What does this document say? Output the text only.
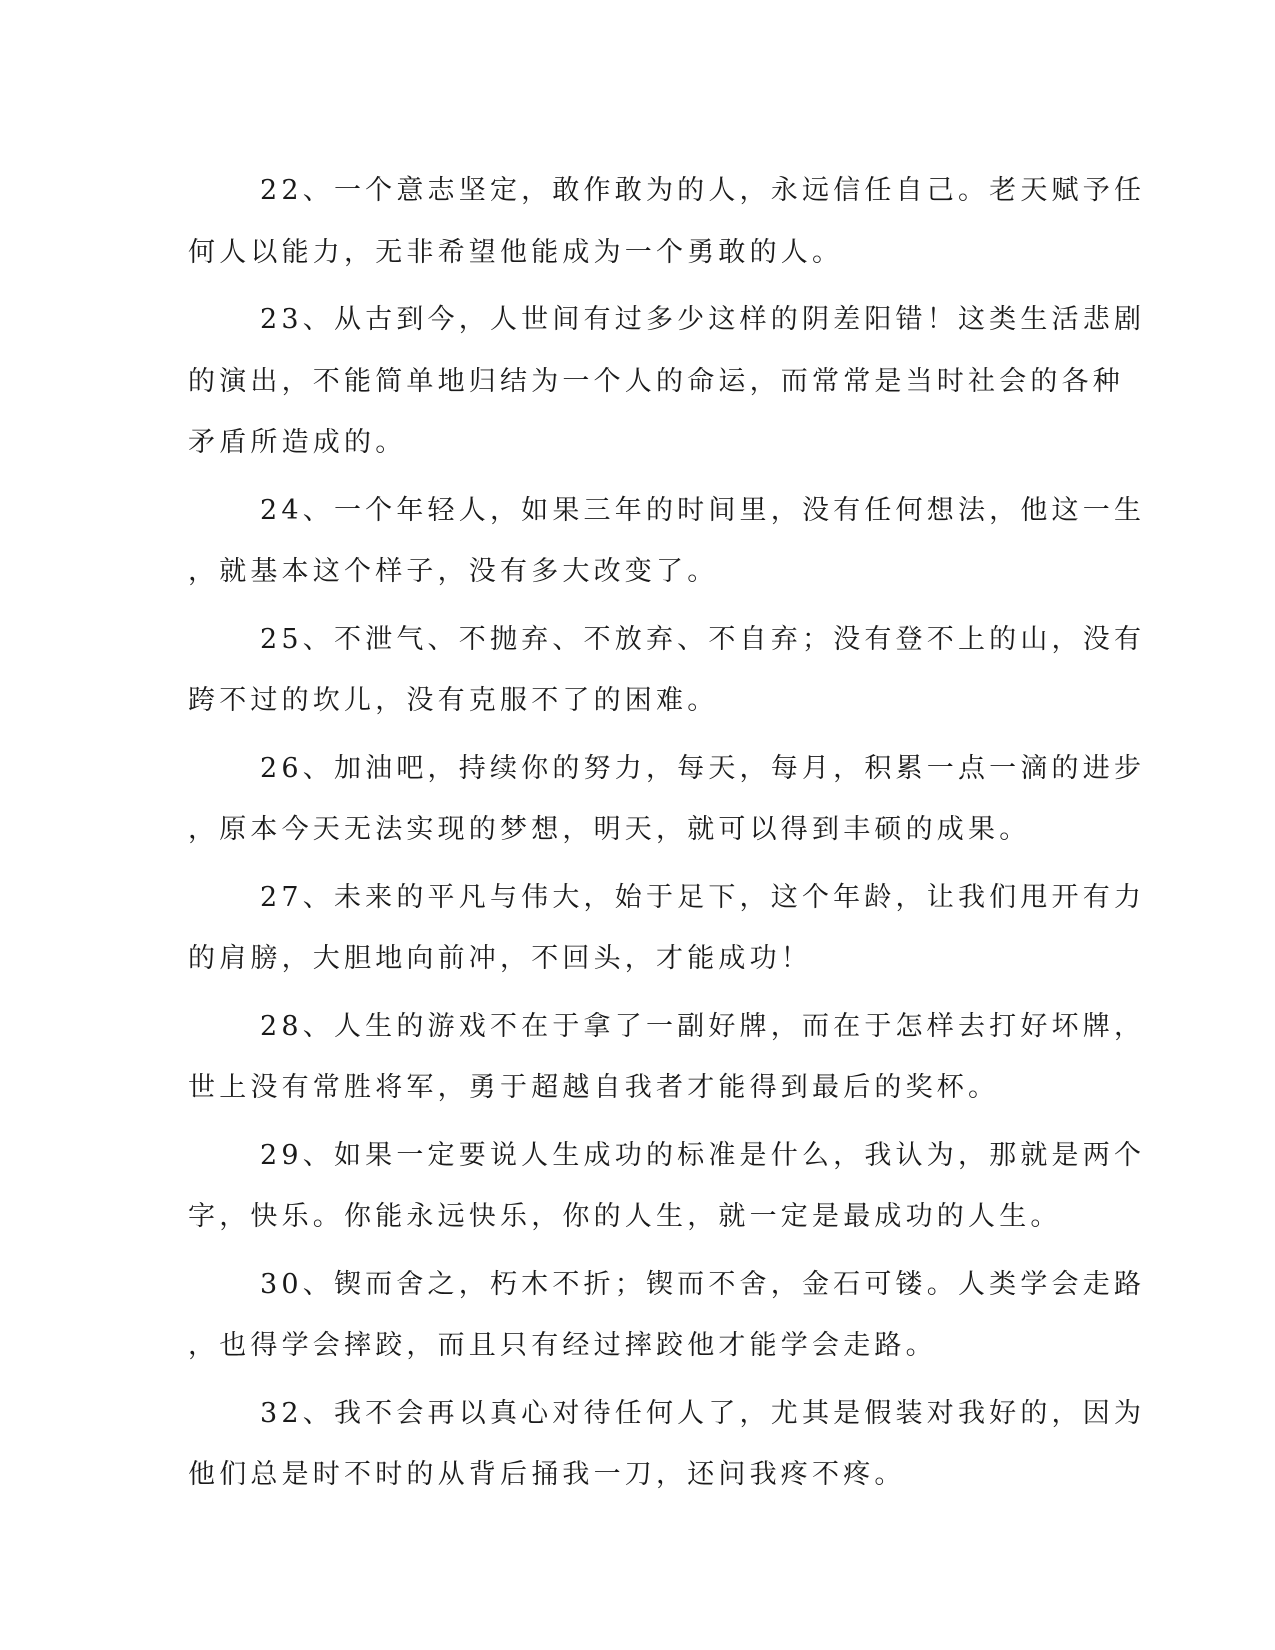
22、一个意志坚定，敢作敢为的人，永远信任自己。老天赋予任
何人以能力，无非希望他能成为一个勇敢的人。

23、从古到今，人世间有过多少这样的阴差阳错！这类生活悲剧
的演出，不能简单地归结为一个人的命运，而常常是当时社会的各种
矛盾所造成的。

24、一个年轻人，如果三年的时间里，没有任何想法，他这一生
，就基本这个样子，没有多大改变了。

25、不泄气、不抛弃、不放弃、不自弃；没有登不上的山，没有
跨不过的坎儿，没有克服不了的困难。

26、加油吧，持续你的努力，每天，每月，积累一点一滴的进步
，原本今天无法实现的梦想，明天，就可以得到丰硕的成果。

27、未来的平凡与伟大，始于足下，这个年龄，让我们甩开有力
的肩膀，大胆地向前冲，不回头，才能成功！

28、人生的游戏不在于拿了一副好牌，而在于怎样去打好坏牌，
世上没有常胜将军，勇于超越自我者才能得到最后的奖杯。

29、如果一定要说人生成功的标准是什么，我认为，那就是两个
字，快乐。你能永远快乐，你的人生，就一定是最成功的人生。

30、锲而舍之，朽木不折；锲而不舍，金石可镂。人类学会走路
，也得学会摔跤，而且只有经过摔跤他才能学会走路。

32、我不会再以真心对待任何人了，尤其是假装对我好的，因为
他们总是时不时的从背后捅我一刀，还问我疼不疼。
